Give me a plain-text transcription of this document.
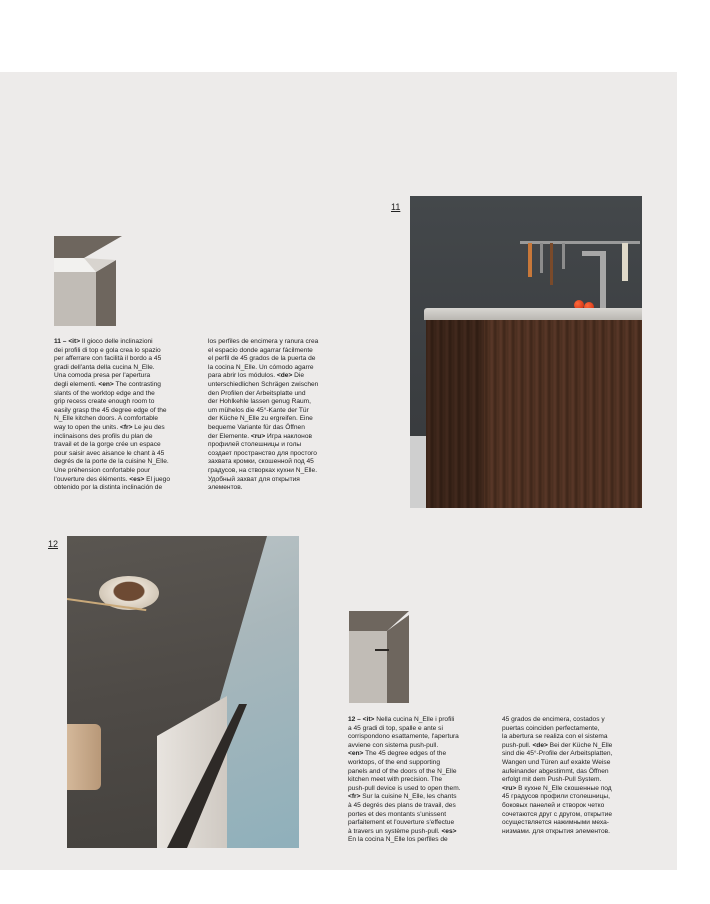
11

11 – <it> Il gioco delle inclinazioni
dei profili di top e gola crea lo spazio
per afferrare con facilità il bordo a 45
gradi dell'anta della cucina N_Elle.
Una comoda presa per l'apertura
degli elementi. <en> The contrasting
slants of the worktop edge and the
grip recess create enough room to
easily grasp the 45 degree edge of the
N_Elle kitchen doors. A comfortable
way to open the units. <fr> Le jeu des
inclinaisons des profils du plan de
travail et de la gorge crée un espace
pour saisir avec aisance le chant à 45
degrés de la porte de la cuisine N_Elle.
Une préhension confortable pour
l'ouverture des éléments. <es> El juego
obtenido por la distinta inclinación de

los perfiles de encimera y ranura crea
el espacio donde agarrar fácilmente
el perfil de 45 grados de la puerta de
la cocina N_Elle. Un cómodo agarre
para abrir los módulos. <de> Die
unterschiedlichen Schrägen zwischen
den Profilen der Arbeitsplatte und
der Hohlkehle lassen genug Raum,
um mühelos die 45°-Kante der Tür
der Küche N_Elle zu ergreifen. Eine
bequeme Variante für das Öffnen
der Elemente. <ru> Игра наклонов
профилей столешницы и голы
создает пространство для простого
захвата кромки, скошенной под 45
градусов, на створках кухни N_Elle.
Удобный захват для открытия
элементов.

12

12 – <it> Nella cucina N_Elle i profili
a 45 gradi di top, spalle e ante si
corrispondono esattamente, l'apertura
avviene con sistema push-pull.
<en> The 45 degree edges of the
worktops, of the end supporting
panels and of the doors of the N_Elle
kitchen meet with precision. The
push-pull device is used to open them.
<fr> Sur la cuisine N_Elle, les chants
à 45 degrés des plans de travail, des
portes et des montants s'unissent
parfaitement et l'ouverture s'effectue
à travers un système push-pull. <es>
En la cocina N_Elle los perfiles de

45 grados de encimera, costados y
puertas coinciden perfectamente,
la abertura se realiza con el sistema
push-pull. <de> Bei der Küche N_Elle
sind die 45°-Profile der Arbeitsplatten,
Wangen und Türen auf exakte Weise
aufeinander abgestimmt, das Öffnen
erfolgt mit dem Push-Pull System.
<ru> В кухне N_Elle скошенные под
45 градусов профили столешницы,
боковых панелей и створок четко
сочетаются друг с другом, открытие
осуществляется нажимными меха-
низмами. для открытия элементов.
